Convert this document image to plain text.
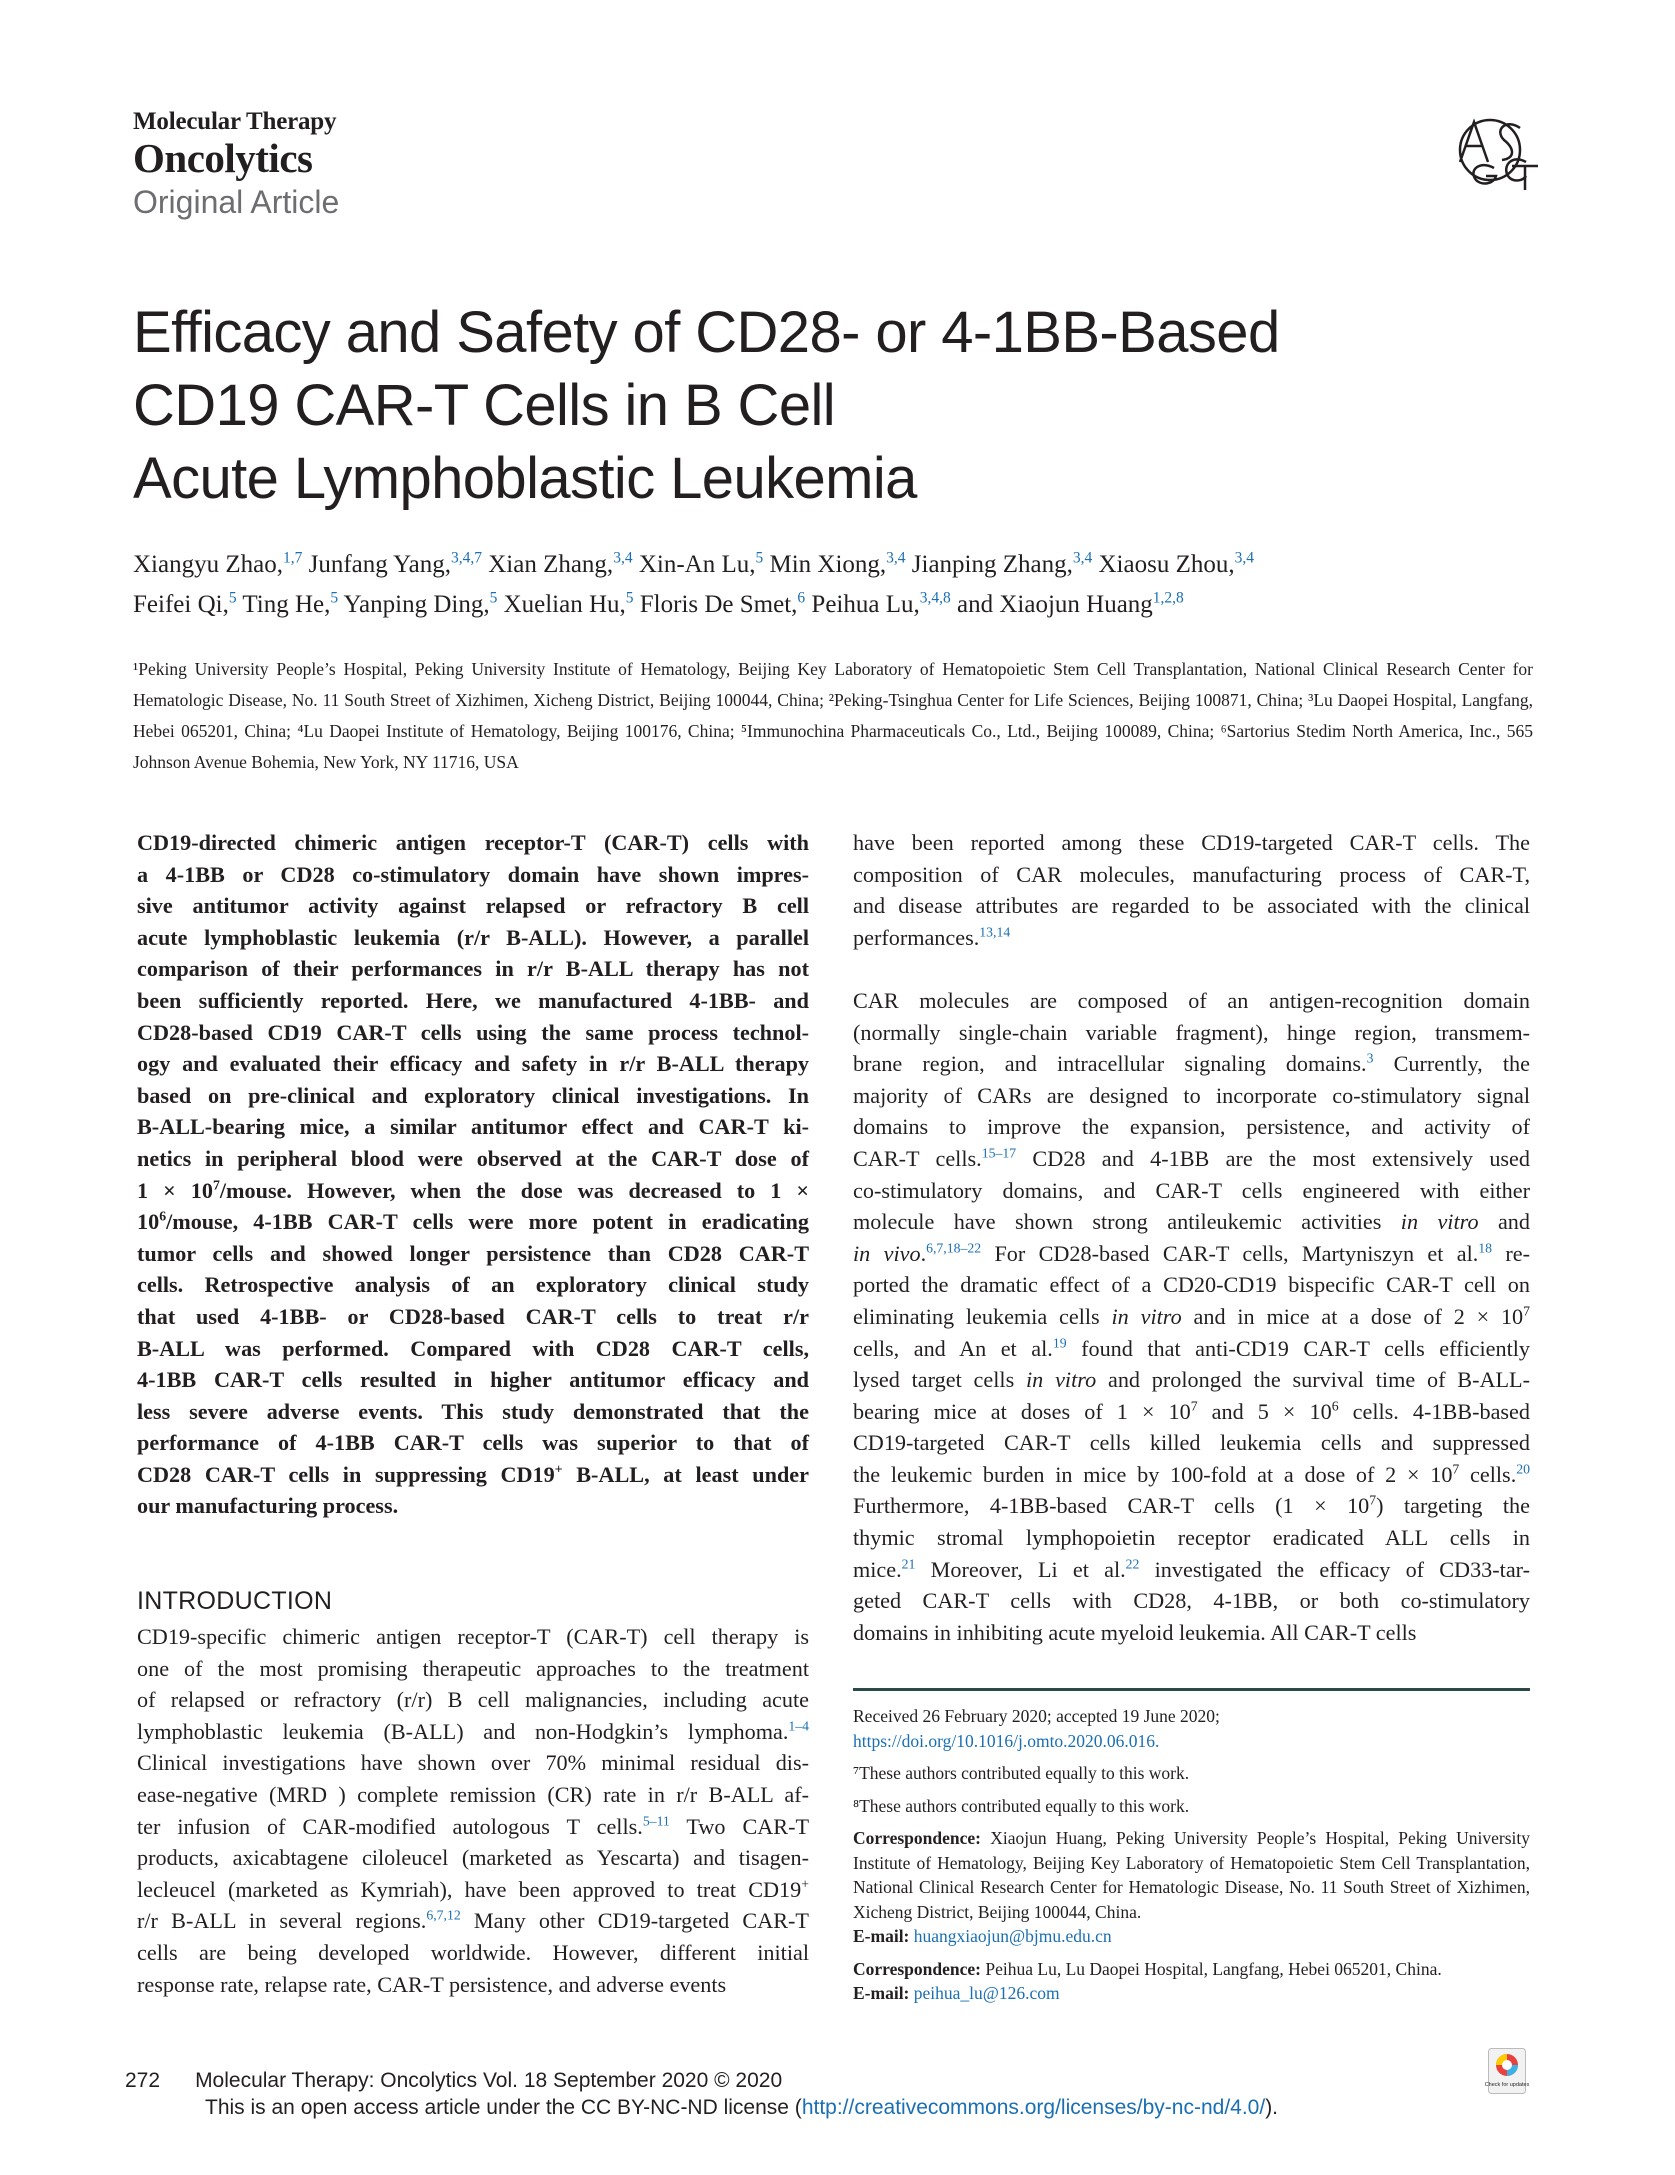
Molecular Therapy
Oncolytics
Original Article
Efficacy and Safety of CD28- or 4-1BB-Based
CD19 CAR-T Cells in B Cell
Acute Lymphoblastic Leukemia
Xiangyu Zhao,$^{1,7}$ Junfang Yang,$^{3,4,7}$ Xian Zhang,$^{3,4}$ Xin-An Lu,$^5$ Min Xiong,$^{3,4}$ Jianping Zhang,$^{3,4}$ Xiaosu Zhou,$^{3,4}$
Feifei Qi,$^5$ Ting He,$^5$ Yanping Ding,$^5$ Xuelian Hu,$^5$ Floris De Smet,$^6$ Peihua Lu,$^{3,4,8}$ and Xiaojun Huang$^{1,2,8}$
¹Peking University People’s Hospital, Peking University Institute of Hematology, Beijing Key Laboratory of Hematopoietic Stem Cell Transplantation, National Clinical Research Center for Hematologic Disease, No. 11 South Street of Xizhimen, Xicheng District, Beijing 100044, China; ²Peking-Tsinghua Center for Life Sciences, Beijing 100871, China; ³Lu Daopei Hospital, Langfang, Hebei 065201, China; ⁴Lu Daopei Institute of Hematology, Beijing 100176, China; ⁵Immunochina Pharmaceuticals Co., Ltd., Beijing 100089, China; ⁶Sartorius Stedim North America, Inc., 565 Johnson Avenue Bohemia, New York, NY 11716, USA
CD19-directed chimeric antigen receptor-T (CAR-T) cells with
a 4-1BB or CD28 co-stimulatory domain have shown impres-
sive antitumor activity against relapsed or refractory B cell
acute lymphoblastic leukemia (r/r B-ALL). However, a parallel
comparison of their performances in r/r B-ALL therapy has not
been sufficiently reported. Here, we manufactured 4-1BB- and
CD28-based CD19 CAR-T cells using the same process technol-
ogy and evaluated their efficacy and safety in r/r B-ALL therapy
based on pre-clinical and exploratory clinical investigations. In
B-ALL-bearing mice, a similar antitumor effect and CAR-T ki-
netics in peripheral blood were observed at the CAR-T dose of
$1 \times 10^7$/mouse. However, when the dose was decreased to 1 ×
$10^6$/mouse, 4-1BB CAR-T cells were more potent in eradicating
tumor cells and showed longer persistence than CD28 CAR-T
cells. Retrospective analysis of an exploratory clinical study
that used 4-1BB- or CD28-based CAR-T cells to treat r/r
B-ALL was performed. Compared with CD28 CAR-T cells,
4-1BB CAR-T cells resulted in higher antitumor efficacy and
less severe adverse events. This study demonstrated that the
performance of 4-1BB CAR-T cells was superior to that of
CD28 CAR-T cells in suppressing CD19+ B-ALL, at least under
our manufacturing process.
INTRODUCTION
CD19-specific chimeric antigen receptor-T (CAR-T) cell therapy is
one of the most promising therapeutic approaches to the treatment
of relapsed or refractory (r/r) B cell malignancies, including acute
lymphoblastic leukemia (B-ALL) and non-Hodgkin’s lymphoma.$^{1-4}$
Clinical investigations have shown over 70% minimal residual dis-
ease-negative (MRD ) complete remission (CR) rate in r/r B-ALL af-
ter infusion of CAR-modified autologous T cells.$^{5-11}$ Two CAR-T
products, axicabtagene ciloleucel (marketed as Yescarta) and tisagen-
lecleucel (marketed as Kymriah), have been approved to treat CD19+
r/r B-ALL in several regions.$^{6,7,12}$ Many other CD19-targeted CAR-T
cells are being developed worldwide. However, different initial
response rate, relapse rate, CAR-T persistence, and adverse events
have been reported among these CD19-targeted CAR-T cells. The
composition of CAR molecules, manufacturing process of CAR-T,
and disease attributes are regarded to be associated with the clinical
performances.$^{13,14}$

CAR molecules are composed of an antigen-recognition domain
(normally single-chain variable fragment), hinge region, transmem-
brane region, and intracellular signaling domains.$^3$ Currently, the
majority of CARs are designed to incorporate co-stimulatory signal
domains to improve the expansion, persistence, and activity of
CAR-T cells.$^{15-17}$ CD28 and 4-1BB are the most extensively used
co-stimulatory domains, and CAR-T cells engineered with either
molecule have shown strong antileukemic activities in vitro and
in vivo.$^{6,7,18-22}$ For CD28-based CAR-T cells, Martyniszyn et al.$^{18}$ re-
ported the dramatic effect of a CD20-CD19 bispecific CAR-T cell on
eliminating leukemia cells in vitro and in mice at a dose of $2 \times 10^7$
cells, and An et al.$^{19}$ found that anti-CD19 CAR-T cells efficiently
lysed target cells in vitro and prolonged the survival time of B-ALL-
bearing mice at doses of $1 \times 10^7$ and $5 \times 10^6$ cells. 4-1BB-based
CD19-targeted CAR-T cells killed leukemia cells and suppressed
the leukemic burden in mice by 100-fold at a dose of $2 \times 10^7$ cells.$^{20}$
Furthermore, 4-1BB-based CAR-T cells $(1 \times 10^7)$ targeting the
thymic stromal lymphopoietin receptor eradicated ALL cells in
mice.$^{21}$ Moreover, Li et al.$^{22}$ investigated the efficacy of CD33-tar-
geted CAR-T cells with CD28, 4-1BB, or both co-stimulatory
domains in inhibiting acute myeloid leukemia. All CAR-T cells
Received 26 February 2020; accepted 19 June 2020;
https://doi.org/10.1016/j.omto.2020.06.016.
⁷These authors contributed equally to this work.
⁸These authors contributed equally to this work.
Correspondence: Xiaojun Huang, Peking University People’s Hospital, Peking University Institute of Hematology, Beijing Key Laboratory of Hematopoietic Stem Cell Transplantation, National Clinical Research Center for Hematologic Disease, No. 11 South Street of Xizhimen, Xicheng District, Beijing 100044, China.
E-mail: huangxiaojun@bjmu.edu.cn
Correspondence: Peihua Lu, Lu Daopei Hospital, Langfang, Hebei 065201, China.
E-mail: peihua_lu@126.com
272 Molecular Therapy: Oncolytics Vol. 18 September 2020 © 2020
This is an open access article under the CC BY-NC-ND license (http://creativecommons.org/licenses/by-nc-nd/4.0/).
Check for updates
